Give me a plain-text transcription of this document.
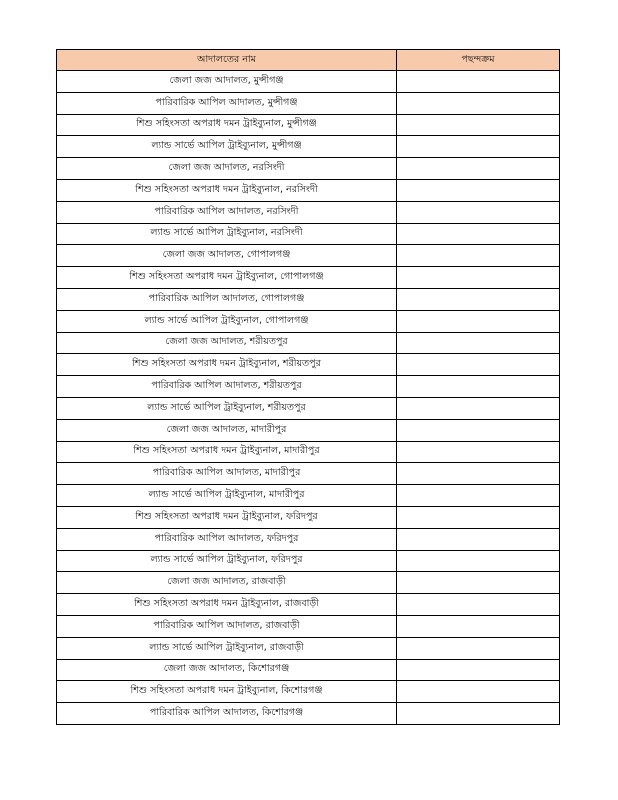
আদালতের নাম	পছন্দক্রম
জেলা জজ আদালত, মুন্সীগঞ্জ	
পারিবারিক আপিল আদালত, মুন্সীগঞ্জ	
শিশু সহিংসতা অপরাধ দমন ট্রাইব্যুনাল, মুন্সীগঞ্জ	
ল্যান্ড সার্ভে আপিল ট্রাইব্যুনাল, মুন্সীগঞ্জ	
জেলা জজ আদালত, নরসিংদী	
শিশু সহিংসতা অপরাধ দমন ট্রাইব্যুনাল, নরসিংদী	
পারিবারিক আপিল আদালত, নরসিংদী	
ল্যান্ড সার্ভে আপিল ট্রাইব্যুনাল, নরসিংদী	
জেলা জজ আদালত, গোপালগঞ্জ	
শিশু সহিংসতা অপরাধ দমন ট্রাইব্যুনাল, গোপালগঞ্জ	
পারিবারিক আপিল আদালত, গোপালগঞ্জ	
ল্যান্ড সার্ভে আপিল ট্রাইব্যুনাল, গোপালগঞ্জ	
জেলা জজ আদালত, শরীয়তপুর	
শিশু সহিংসতা অপরাধ দমন ট্রাইব্যুনাল, শরীয়তপুর	
পারিবারিক আপিল আদালত, শরীয়তপুর	
ল্যান্ড সার্ভে আপিল ট্রাইব্যুনাল, শরীয়তপুর	
জেলা জজ আদালত, মাদারীপুর	
শিশু সহিংসতা অপরাধ দমন ট্রাইব্যুনাল, মাদারীপুর	
পারিবারিক আপিল আদালত, মাদারীপুর	
ল্যান্ড সার্ভে আপিল ট্রাইব্যুনাল, মাদারীপুর	
শিশু সহিংসতা অপরাধ দমন ট্রাইব্যুনাল, ফরিদপুর	
পারিবারিক আপিল আদালত, ফরিদপুর	
ল্যান্ড সার্ভে আপিল ট্রাইব্যুনাল, ফরিদপুর	
জেলা জজ আদালত, রাজবাড়ী	
শিশু সহিংসতা অপরাধ দমন ট্রাইব্যুনাল, রাজবাড়ী	
পারিবারিক আপিল আদালত, রাজবাড়ী	
ল্যান্ড সার্ভে আপিল ট্রাইব্যুনাল, রাজবাড়ী	
জেলা জজ আদালত, কিশোরগঞ্জ	
শিশু সহিংসতা অপরাধ দমন ট্রাইব্যুনাল, কিশোরগঞ্জ	
পারিবারিক আপিল আদালত, কিশোরগঞ্জ	
